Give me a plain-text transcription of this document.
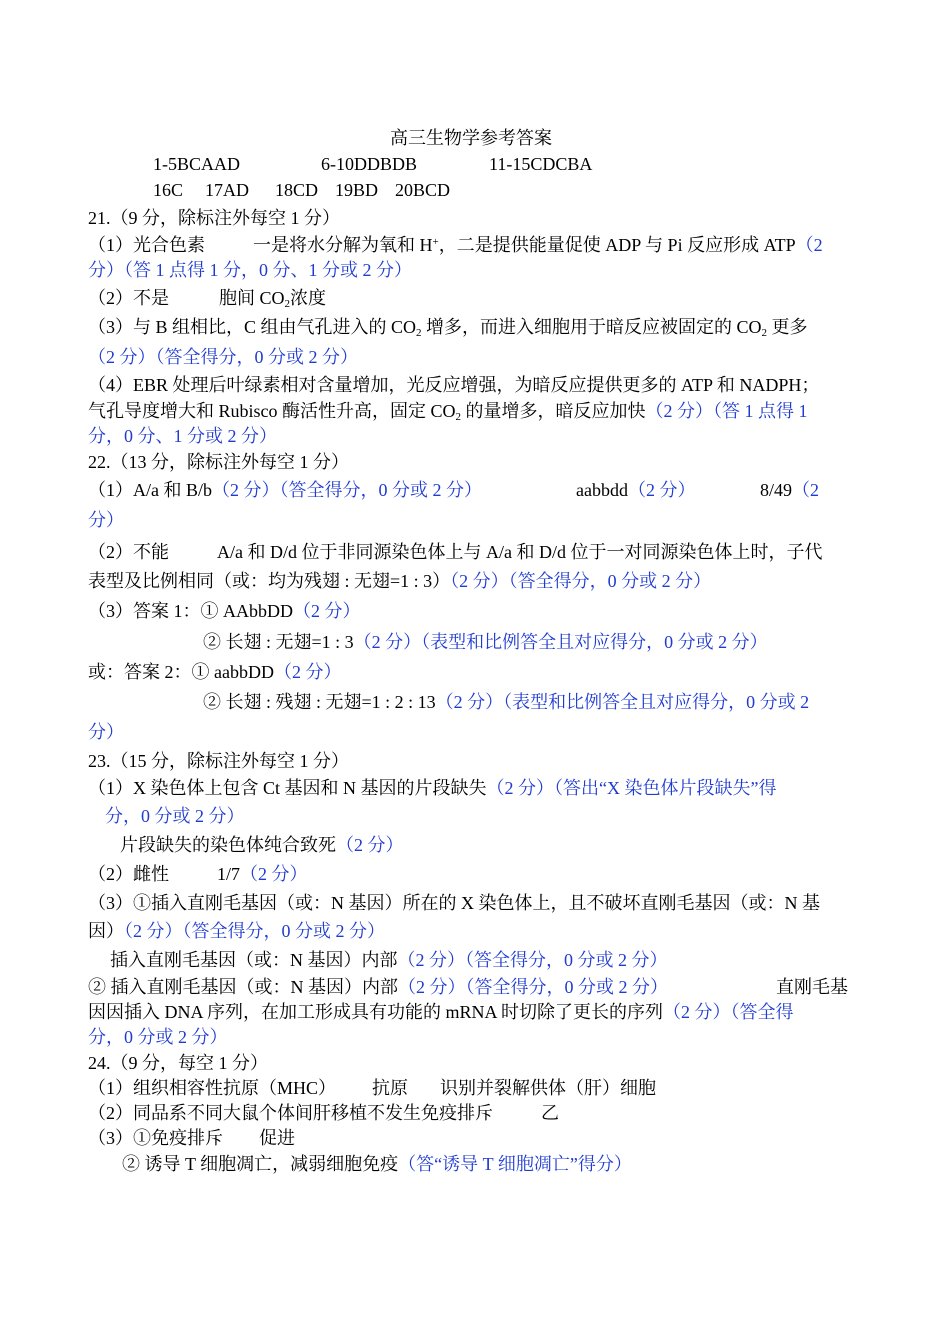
高三生物学参考答案
1-5BCAAD	6-10DDBDB	11-15CDCBA
16C 17AD 18CD 19BD 20BCD
21.（9 分，除标注外每空 1 分）
（1）光合色素	一是将水分解为氧和 H+，二是提供能量促使 ADP 与 Pi 反应形成 ATP（2
分）（答 1 点得 1 分，0 分、1 分或 2 分）
（2）不是	胞间 $CO_2$浓度
（3）与 B 组相比，C 组由气孔进入的 $CO_2$ 增多，而进入细胞用于暗反应被固定的 $CO_2$ 更多
（2 分）（答全得分，0 分或 2 分）
（4）EBR 处理后叶绿素相对含量增加，光反应增强，为暗反应提供更多的 ATP 和 NADPH；
气孔导度增大和 Rubisco 酶活性升高，固定 $CO_2$ 的量增多，暗反应加快（2 分）（答 1 点得 1
分，0 分、1 分或 2 分）
22.（13 分，除标注外每空 1 分）
（1）A/a 和 B/b（2 分）（答全得分，0 分或 2 分）	aabbdd（2 分）	8/49（2
分）
（2）不能	A/a 和 D/d 位于非同源染色体上与 A/a 和 D/d 位于一对同源染色体上时，子代
表型及比例相同（或：均为残翅 : 无翅=1 : 3）（2 分）（答全得分，0 分或 2 分）
（3）答案 1：① AAbbDD（2 分）
② 长翅 : 无翅=1 : 3（2 分）（表型和比例答全且对应得分，0 分或 2 分）
或：答案 2：① aabbDD（2 分）
② 长翅 : 残翅 : 无翅=1 : 2 : 13（2 分）（表型和比例答全且对应得分，0 分或 2
分）
23.（15 分，除标注外每空 1 分）
（1）X 染色体上包含 Ct 基因和 N 基因的片段缺失（2 分）（答出“X 染色体片段缺失”得
分，0 分或 2 分）
片段缺失的染色体纯合致死（2 分）
（2）雌性	1/7（2 分）
（3）①插入直刚毛基因（或：N 基因）所在的 X 染色体上，且不破坏直刚毛基因（或：N 基
因）（2 分）（答全得分，0 分或 2 分）
插入直刚毛基因（或：N 基因）内部（2 分）（答全得分，0 分或 2 分）
② 插入直刚毛基因（或：N 基因）内部（2 分）（答全得分，0 分或 2 分）	直刚毛基
因因插入 DNA 序列，在加工形成具有功能的 mRNA 时切除了更长的序列（2 分）（答全得
分，0 分或 2 分）
24.（9 分，每空 1 分）
（1）组织相容性抗原（MHC） 抗原 识别并裂解供体（肝）细胞
（2）同品系不同大鼠个体间肝移植不发生免疫排斥	乙
（3）①免疫排斥 促进
② 诱导 T 细胞凋亡，减弱细胞免疫（答“诱导 T 细胞凋亡”得分）
